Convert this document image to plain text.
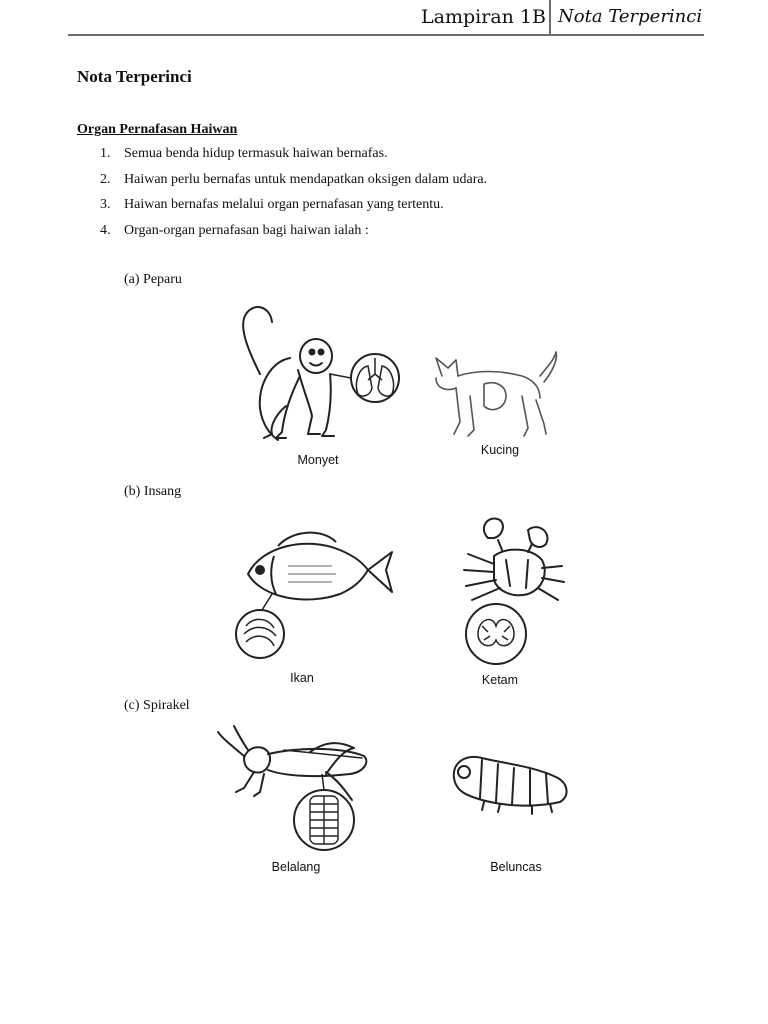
Lampiran 1B Nota Terperinci
Nota Terperinci
Organ Pernafasan Haiwan
1. Semua benda hidup termasuk haiwan bernafas.
2. Haiwan perlu bernafas untuk mendapatkan oksigen dalam udara.
3. Haiwan bernafas melalui organ pernafasan yang tertentu.
4. Organ-organ pernafasan bagi haiwan ialah :
(a) Peparu
Monyet
Kucing
(b) Insang
Ikan	Ketam
(c) Spirakel
Belalang	Beluncas
